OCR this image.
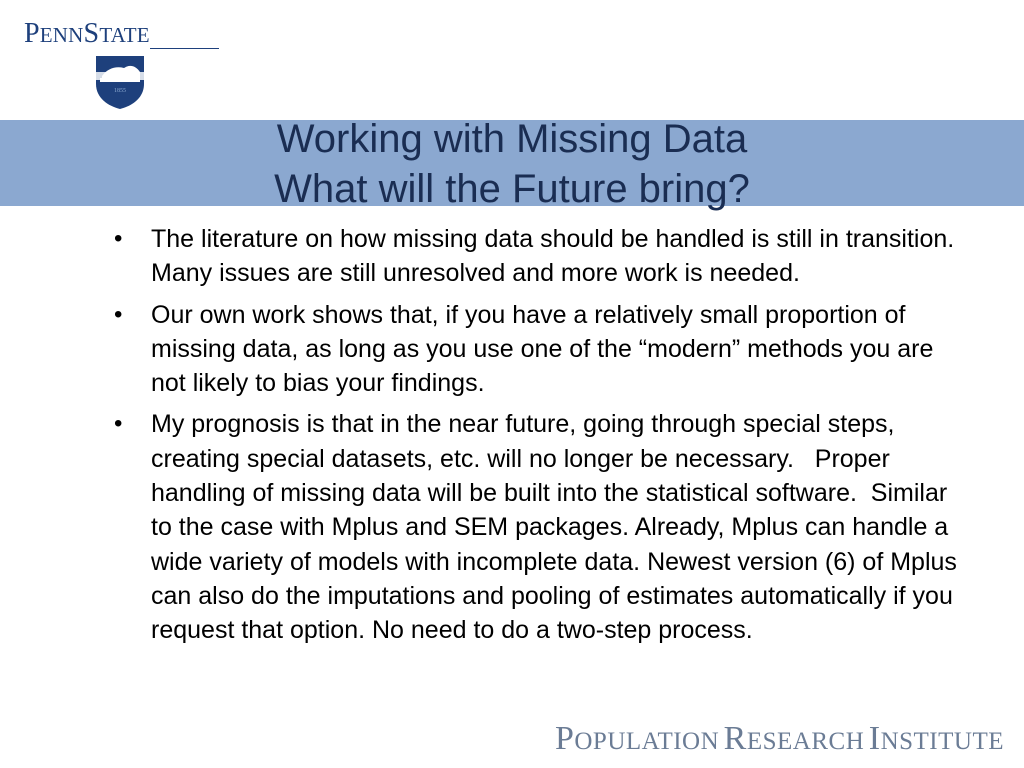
PENNSTATE
1855
Working with Missing Data
What will the Future bring?
• The literature on how missing data should be handled is still in transition.  Many issues are still unresolved and more work is needed.
• Our own work shows that, if you have a relatively small proportion of missing data, as long as you use one of the “modern” methods you are not likely to bias your findings.
• My prognosis is that in the near future, going through special steps, creating special datasets, etc. will no longer be necessary.   Proper handling of missing data will be built into the statistical software.  Similar to the case with Mplus and SEM packages. Already, Mplus can handle a wide variety of models with incomplete data. Newest version (6) of Mplus can also do the imputations and pooling of estimates automatically if you request that option. No need to do a two-step process.
POPULATION RESEARCH INSTITUTE
